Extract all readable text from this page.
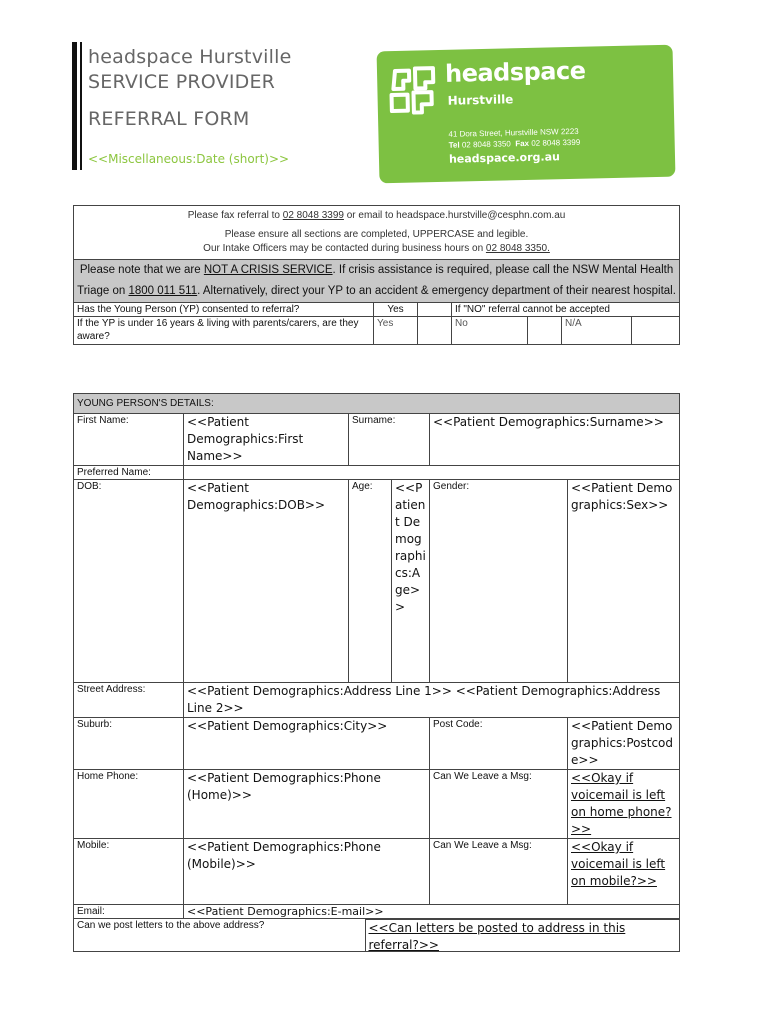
headspace Hurstville
SERVICE PROVIDER
REFERRAL FORM
<<Miscellaneous:Date (short)>>
headspace
Hurstville
41 Dora Street, Hurstville NSW 2223
Tel 02 8048 3350 Fax 02 8048 3399
headspace.org.au
Please fax referral to 02 8048 3399 or email to headspace.hurstville@cesphn.com.au
Please ensure all sections are completed, UPPERCASE and legible.
Our Intake Officers may be contacted during business hours on 02 8048 3350.						

Please note that we are NOT A CRISIS SERVICE. If crisis assistance is required, please call the NSW Mental Health Triage on 1800 011 511. Alternatively, direct your YP to an accident & emergency department of their nearest hospital.						
Has the Young Person (YP) consented to referral?	Yes		If "NO" referral cannot be accepted			
If the YP is under 16 years & living with parents/carers, are they aware?	Yes		No		N/A	
YOUNG PERSON'S DETAILS:					
First Name:	<<Patient Demographics:First Name>>	Surname:		<<Patient Demographics:Surname>>	
Preferred Name:					
DOB:	<<Patient Demographics:DOB>>	Age:	<<Patient Demographics:Age>>	Gender:	<<Patient Demographics:Sex>>
Street Address:	<<Patient Demographics:Address Line 1>> <<Patient Demographics:Address Line 2>>				
Suburb:	<<Patient Demographics:City>>			Post Code:	<<Patient Demographics:Postcode>>
Home Phone:	<<Patient Demographics:Phone (Home)>>			Can We Leave a Msg:	<<Okay if voicemail is left on home phone?>>
Mobile:	<<Patient Demographics:Phone (Mobile)>>			Can We Leave a Msg:	<<Okay if voicemail is left on mobile?>>
Email:	<<Patient Demographics:E-mail>>				
Can we post letters to the above address?			<<Can letters be posted to address in this referral?>>		
